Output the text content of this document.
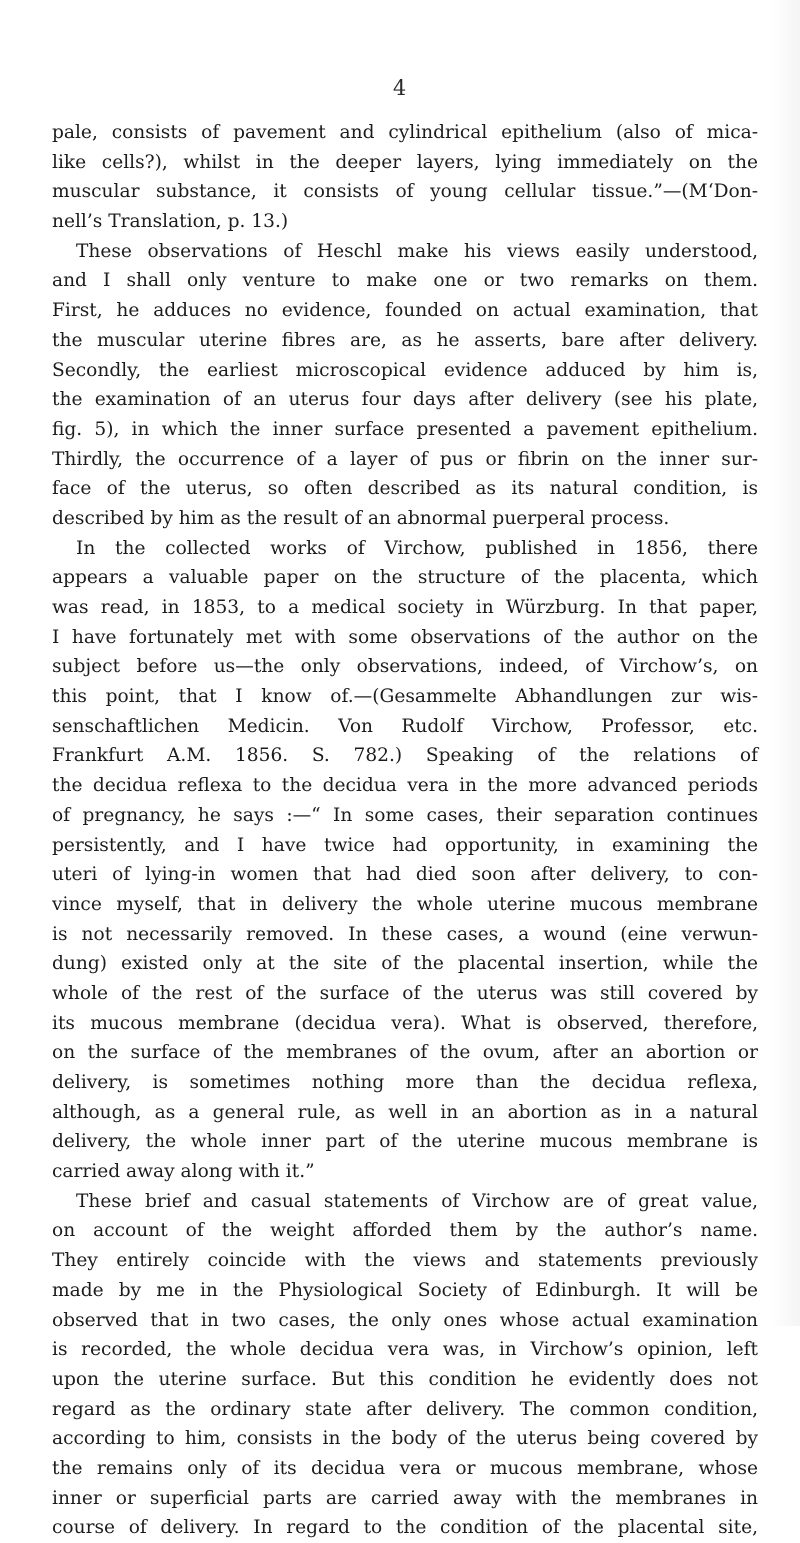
4
pale, consists of pavement and cylindrical epithelium (also of mica-
like cells?), whilst in the deeper layers, lying immediately on the
muscular substance, it consists of young cellular tissue.”—(M‘Don-
nell’s Translation, p. 13.)
These observations of Heschl make his views easily understood,
and I shall only venture to make one or two remarks on them.
First, he adduces no evidence, founded on actual examination, that
the muscular uterine fibres are, as he asserts, bare after delivery.
Secondly, the earliest microscopical evidence adduced by him is,
the examination of an uterus four days after delivery (see his plate,
fig. 5), in which the inner surface presented a pavement epithelium.
Thirdly, the occurrence of a layer of pus or fibrin on the inner sur-
face of the uterus, so often described as its natural condition, is
described by him as the result of an abnormal puerperal process.
In the collected works of Virchow, published in 1856, there
appears a valuable paper on the structure of the placenta, which
was read, in 1853, to a medical society in Würzburg. In that paper,
I have fortunately met with some observations of the author on the
subject before us—the only observations, indeed, of Virchow’s, on
this point, that I know of.—(Gesammelte Abhandlungen zur wis-
senschaftlichen Medicin. Von Rudolf Virchow, Professor, etc.
Frankfurt A.M. 1856. S. 782.) Speaking of the relations of
the decidua reflexa to the decidua vera in the more advanced periods
of pregnancy, he says :—“ In some cases, their separation continues
persistently, and I have twice had opportunity, in examining the
uteri of lying-in women that had died soon after delivery, to con-
vince myself, that in delivery the whole uterine mucous membrane
is not necessarily removed. In these cases, a wound (eine verwun-
dung) existed only at the site of the placental insertion, while the
whole of the rest of the surface of the uterus was still covered by
its mucous membrane (decidua vera). What is observed, therefore,
on the surface of the membranes of the ovum, after an abortion or
delivery, is sometimes nothing more than the decidua reflexa,
although, as a general rule, as well in an abortion as in a natural
delivery, the whole inner part of the uterine mucous membrane is
carried away along with it.”
These brief and casual statements of Virchow are of great value,
on account of the weight afforded them by the author’s name.
They entirely coincide with the views and statements previously
made by me in the Physiological Society of Edinburgh. It will be
observed that in two cases, the only ones whose actual examination
is recorded, the whole decidua vera was, in Virchow’s opinion, left
upon the uterine surface. But this condition he evidently does not
regard as the ordinary state after delivery. The common condition,
according to him, consists in the body of the uterus being covered by
the remains only of its decidua vera or mucous membrane, whose
inner or superficial parts are carried away with the membranes in
course of delivery. In regard to the condition of the placental site,
